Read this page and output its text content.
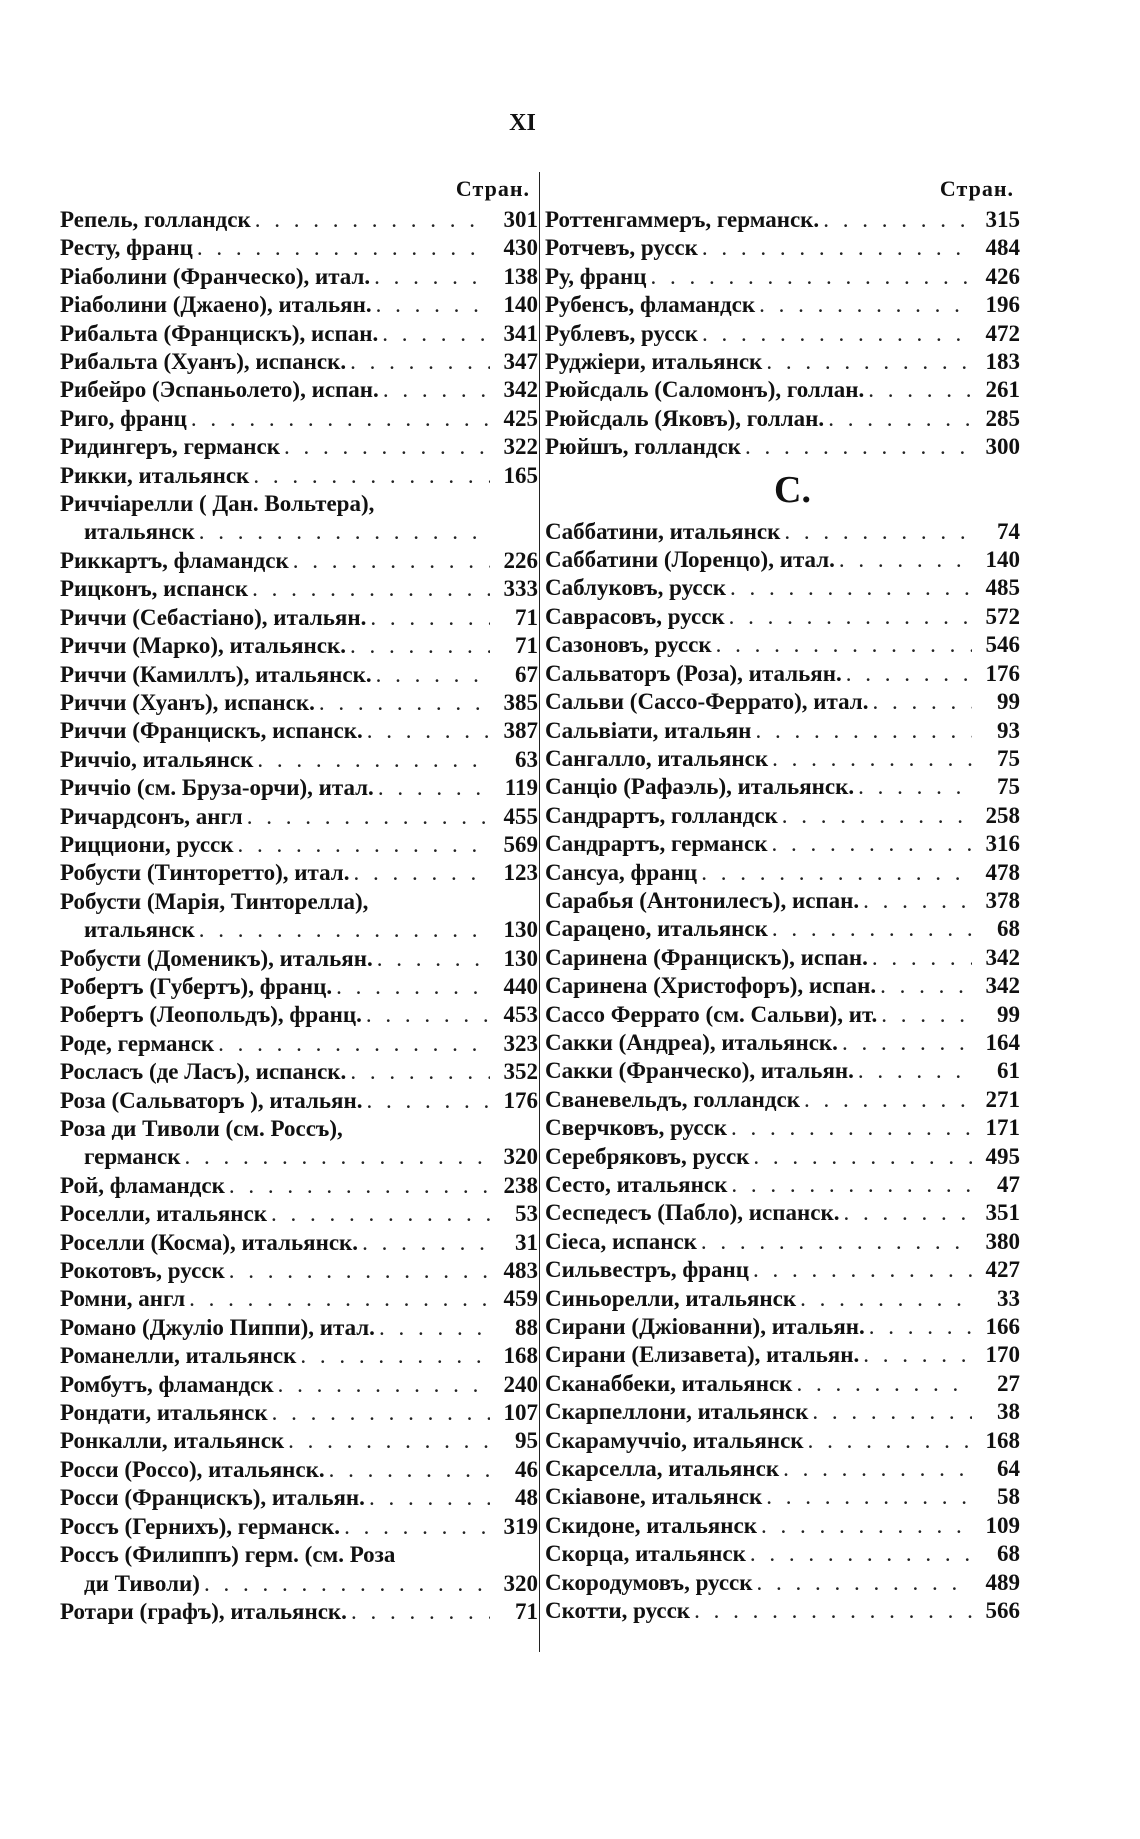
XI
Стран.
Репель, голландск . . .	301
Ресту, франц . . .	430
Ріаболини (Франческо), итал. . . .	138
Ріаболини (Джаено), итальян. . . .	140
Рибальта (Францискъ), испан. . . .	341
Рибальта (Хуанъ), испанск. . . .	347
Рибейро (Эспаньолето), испан. . . .	342
Риго, франц . . .	425
Ридингеръ, германск . . .	322
Рикки, итальянск . . .	165
Риччіарелли ( Дан. Вольтера),
итальянск
. . .
Риккартъ, фламандск . . .	226
Рицконъ, испанск . . .	333
Риччи (Себастіано), итальян. . . .	71
Риччи (Марко), итальянск. . . .	71
Риччи (Камиллъ), итальянск. . . .	67
Риччи (Хуанъ), испанск. . . .	385
Риччи (Францискъ, испанск. . . .	387
Риччіо, итальянск . . .	63
Риччіо (см. Бруза-орчи), итал. . . .	119
Ричардсонъ, англ . . .	455
Рицциони, русск . . .	569
Робусти (Тинторетто), итал. . . .	123
Робусти (Марія, Тинторелла),
итальянск . . .	130
Робусти (Доменикъ), итальян. . . .	130
Робертъ (Губертъ), франц. . . .	440
Робертъ (Леопольдъ), франц. . . .	453
Роде, германск . . .	323
Росласъ (де Ласъ), испанск. . . .	352
Роза (Сальваторъ ), итальян. . . .	176
Роза ди Тиволи (см. Россъ),
германск . . .	320
Рой, фламандск . . .	238
Роселли, итальянск . . .	53
Роселли (Косма), итальянск. . . .	31
Рокотовъ, русск . . .	483
Ромни, англ . . .	459
Романо (Джуліо Пиппи), итал. . . .	88
Романелли, итальянск . . .	168
Ромбутъ, фламандск . . .	240
Рондати, итальянск . . .	107
Ронкалли, итальянск . . .	95
Росси (Россо), итальянск. . . .	46
Росси (Францискъ), итальян. . . .	48
Россъ (Гернихъ), германск. . . .	319
Россъ (Филиппъ) герм. (см. Роза
ди Тиволи) . . .	320
Ротари (графъ), итальянск. . . .	71
Стран.
Роттенгаммеръ, германск. . . .	315
Ротчевъ, русск . . .	484
Ру, франц . . .	426
Рубенсъ, фламандск . . .	196
Рублевъ, русск . . .	472
Руджіери, итальянск . . .	183
Рюйсдаль (Саломонъ), голлан. . . .	261
Рюйсдаль (Яковъ), голлан. . . .	285
Рюйшъ, голландск . . .	300
С.
Саббатини, итальянск . . .	74
Саббатини (Лоренцо), итал. . . .	140
Саблуковъ, русск . . .	485
Саврасовъ, русск . . .	572
Сазоновъ, русск . . .	546
Сальваторъ (Роза), итальян. . . .	176
Сальви (Сассо-Феррато), итал. . . .	99
Сальвіати, итальян . . .	93
Сангалло, итальянск . . .	75
Санціо (Рафаэль), итальянск. . . .	75
Сандрартъ, голландск . . .	258
Сандрартъ, германск . . .	316
Сансуа, франц . . .	478
Сарабья (Антонилесъ), испан. . . .	378
Сарацено, итальянск . . .	68
Саринена (Францискъ), испан. . . .	342
Саринена (Христофоръ), испан. . . .	342
Сассо Феррато (см. Сальви), ит. . . .	99
Сакки (Андреа), итальянск. . . .	164
Сакки (Франческо), итальян. . . .	61
Сваневельдъ, голландск . . .	271
Сверчковъ, русск . . .	171
Серебряковъ, русск . . .	495
Сесто, итальянск . . .	47
Сеспедесъ (Пабло), испанск. . . .	351
Сіеса, испанск . . .	380
Сильвестръ, франц . . .	427
Синьорелли, итальянск . . .	33
Сирани (Джіованни), итальян. . . .	166
Сирани (Елизавета), итальян. . . .	170
Сканаббеки, итальянск . . .	27
Скарпеллони, итальянск . . .	38
Скарамуччіо, итальянск . . .	168
Скарселла, итальянск . . .	64
Скіавоне, итальянск . . .	58
Скидоне, итальянск . . .	109
Скорца, итальянск . . .	68
Скородумовъ, русск . . .	489
Скотти, русск . . .	566
